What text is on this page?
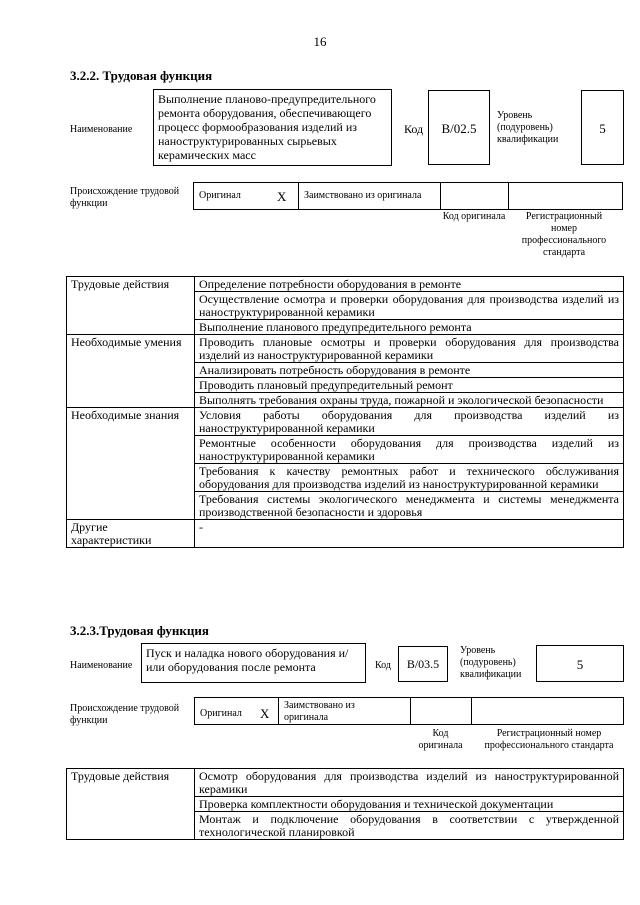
16
3.2.2. Трудовая функция
Наименование
Выполнение планово-предупредительного ремонта оборудования, обеспечивающего процесс формообразования изделий из наноструктурированных сырьевых керамических масс
Код	B/02.5
Уровень (подуровень) квалификации
5
Происхождение трудовой функции
Оригинал	X Заимствовано из оригинала
Код оригинала	Регистрационный номер профессионального стандарта
Трудовые действия	Определение потребности оборудования в ремонте
	Осуществление осмотра и проверки оборудования для производства изделий из наноструктурированной керамики
	Выполнение планового предупредительного ремонта
Необходимые умения	Проводить плановые осмотры и проверки оборудования для производства изделий из наноструктурированной керамики
	Анализировать потребность оборудования в ремонте
	Проводить плановый предупредительный ремонт
	Выполнять требования охраны труда, пожарной и экологической безопасности
Необходимые знания	Условия работы оборудования для производства изделий из наноструктурированной керамики
	Ремонтные особенности оборудования для производства изделий из наноструктурированной керамики
	Требования к качеству ремонтных работ и технического обслуживания оборудования для производства изделий из наноструктурированной керамики
	Требования системы экологического менеджмента и системы менеджмента производственной безопасности и здоровья
Другие характеристики	-
3.2.3.Трудовая функция
Наименование
Пуск и наладка нового оборудования и/или оборудования после ремонта	Код	B/03.5
Уровень (подуровень) квалификации
5
Происхождение трудовой функции
Оригинал X
Заимствовано из оригинала
Код оригинала
Регистрационный номер профессионального стандарта
Трудовые действия	Осмотр оборудования для производства изделий из наноструктурированной керамики
Проверка комплектности оборудования и технической документации
Монтаж и подключение оборудования в соответствии с утвержденной технологической планировкой
